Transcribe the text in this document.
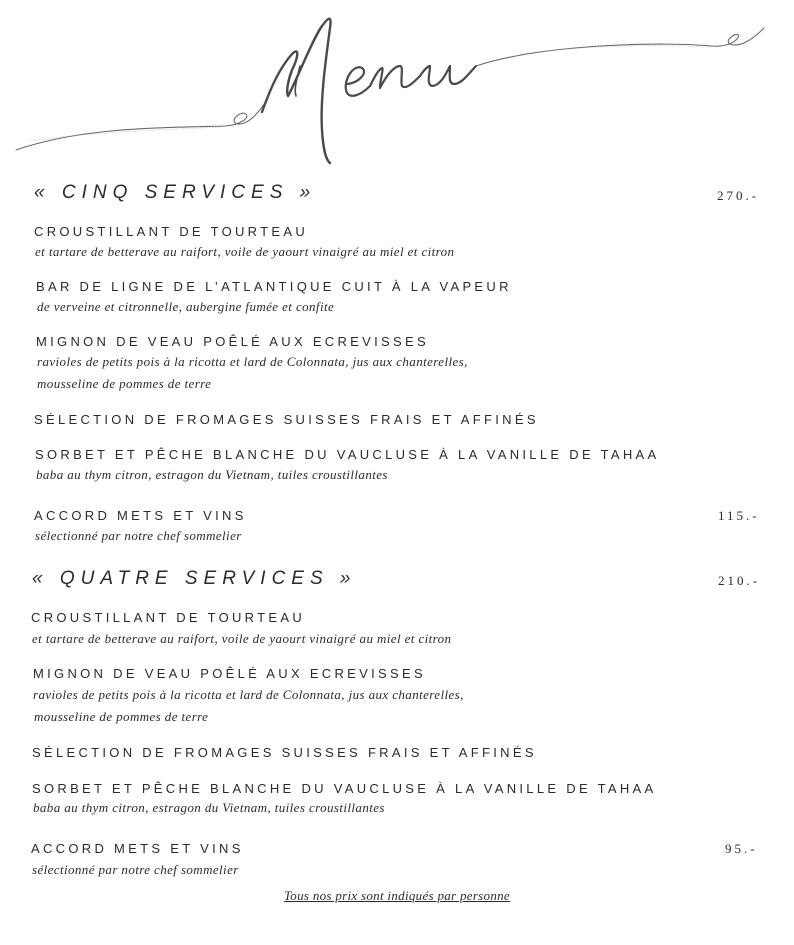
« CINQ SERVICES »	270.-
CROUSTILLANT DE TOURTEAU
et tartare de betterave au raifort, voile de yaourt vinaigré au miel et citron
BAR DE LIGNE DE L’ATLANTIQUE CUIT À LA VAPEUR
de verveine et citronnelle, aubergine fumée et confite
MIGNON DE VEAU POÊLÉ AUX ECREVISSES
ravioles de petits pois à la ricotta et lard de Colonnata, jus aux chanterelles,
mousseline de pommes de terre
SÉLECTION DE FROMAGES SUISSES FRAIS ET AFFINÉS
SORBET ET PÊCHE BLANCHE DU VAUCLUSE À LA VANILLE DE TAHAA
baba au thym citron, estragon du Vietnam, tuiles croustillantes
ACCORD METS ET VINS	115.-
sélectionné par notre chef sommelier
« QUATRE SERVICES »	210.-
CROUSTILLANT DE TOURTEAU
et tartare de betterave au raifort, voile de yaourt vinaigré au miel et citron
MIGNON DE VEAU POÊLÉ AUX ECREVISSES
ravioles de petits pois à la ricotta et lard de Colonnata, jus aux chanterelles,
mousseline de pommes de terre
SÉLECTION DE FROMAGES SUISSES FRAIS ET AFFINÉS
SORBET ET PÊCHE BLANCHE DU VAUCLUSE À LA VANILLE DE TAHAA
baba au thym citron, estragon du Vietnam, tuiles croustillantes
ACCORD METS ET VINS	95.-
sélectionné par notre chef sommelier
Tous nos prix sont indiqués par personne
